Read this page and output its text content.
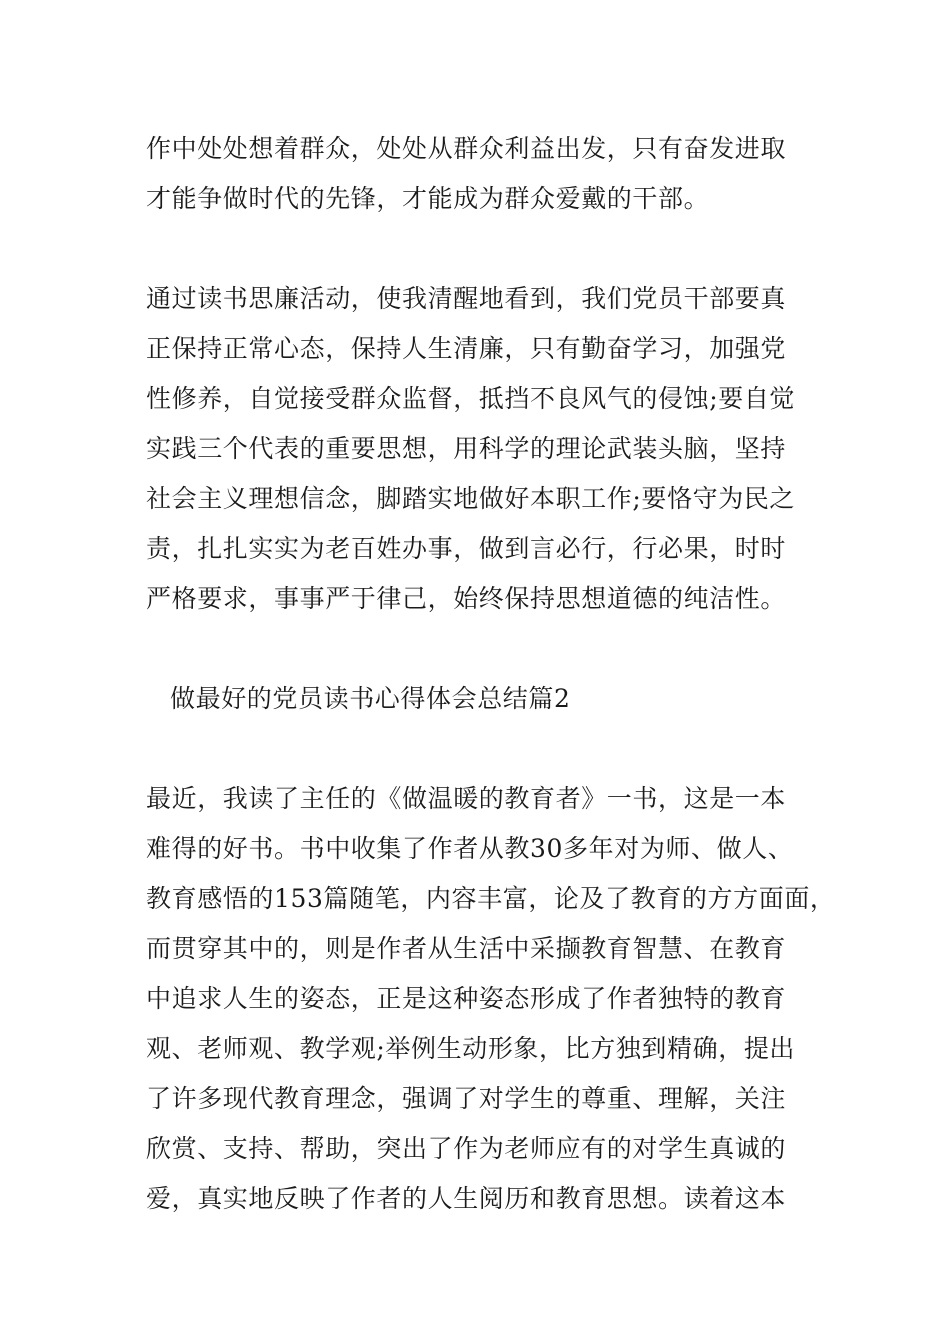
作中处处想着群众，处处从群众利益出发，只有奋发进取
才能争做时代的先锋，才能成为群众爱戴的干部。
通过读书思廉活动，使我清醒地看到，我们党员干部要真
正保持正常心态，保持人生清廉，只有勤奋学习，加强党
性修养，自觉接受群众监督，抵挡不良风气的侵蚀;要自觉
实践三个代表的重要思想，用科学的理论武装头脑，坚持
社会主义理想信念，脚踏实地做好本职工作;要恪守为民之
责，扎扎实实为老百姓办事，做到言必行，行必果，时时
严格要求，事事严于律己，始终保持思想道德的纯洁性。
做最好的党员读书心得体会总结篇2
最近，我读了主任的《做温暖的教育者》一书，这是一本
难得的好书。书中收集了作者从教30多年对为师、做人、
教育感悟的153篇随笔，内容丰富，论及了教育的方方面面，
而贯穿其中的，则是作者从生活中采撷教育智慧、在教育
中追求人生的姿态，正是这种姿态形成了作者独特的教育
观、老师观、教学观;举例生动形象，比方独到精确，提出
了许多现代教育理念，强调了对学生的尊重、理解，关注
欣赏、支持、帮助，突出了作为老师应有的对学生真诚的
爱，真实地反映了作者的人生阅历和教育思想。读着这本
